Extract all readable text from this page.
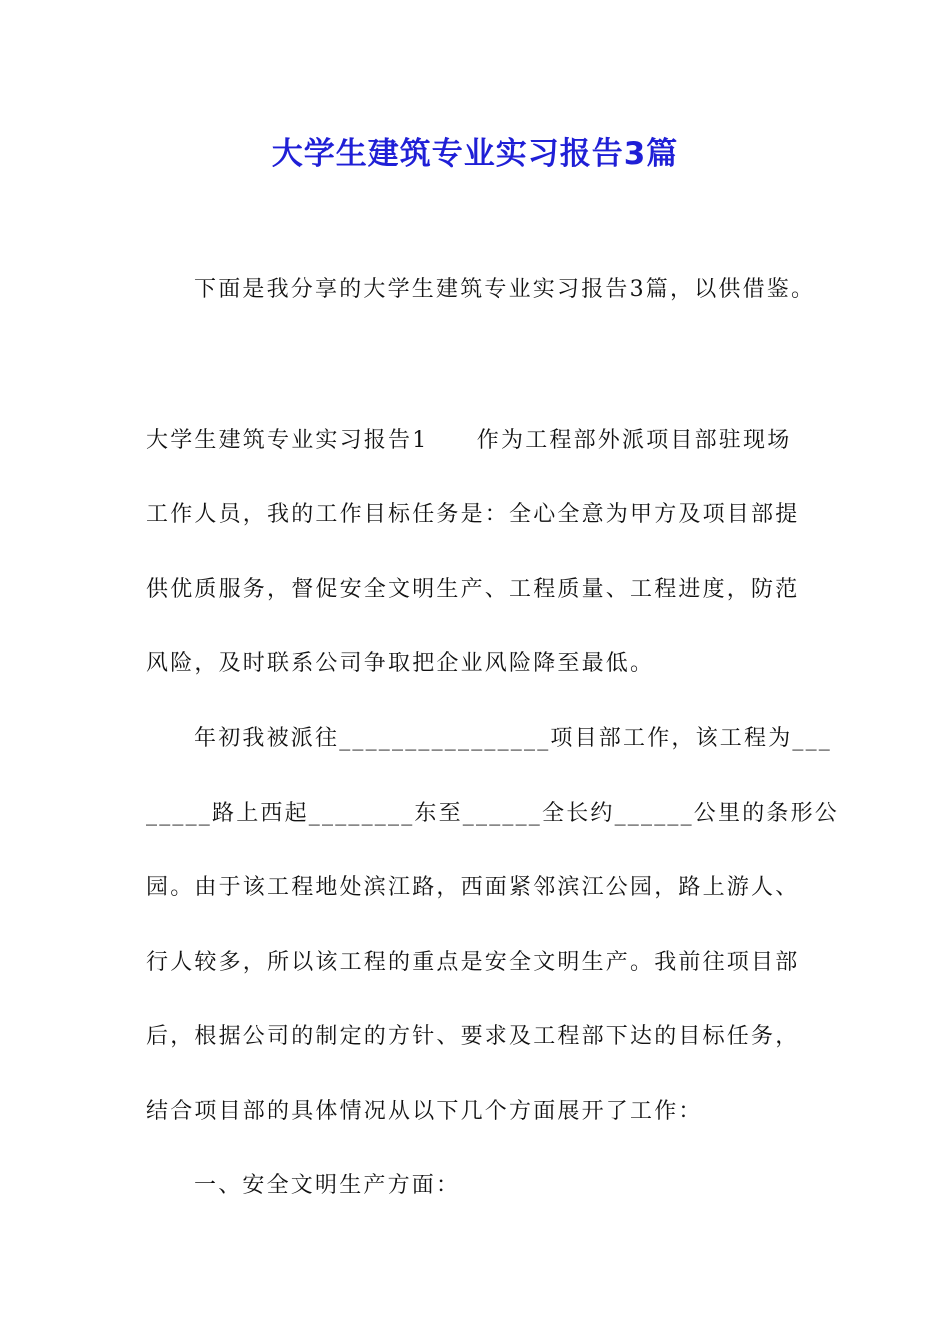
大学生建筑专业实习报告3篇
下面是我分享的大学生建筑专业实习报告3篇，以供借鉴。
大学生建筑专业实习报告1　　作为工程部外派项目部驻现场
工作人员，我的工作目标任务是：全心全意为甲方及项目部提
供优质服务，督促安全文明生产、工程质量、工程进度，防范
风险，及时联系公司争取把企业风险降至最低。
年初我被派往________________项目部工作，该工程为___
_____路上西起________东至______全长约______公里的条形公
园。由于该工程地处滨江路，西面紧邻滨江公园，路上游人、
行人较多，所以该工程的重点是安全文明生产。我前往项目部
后，根据公司的制定的方针、要求及工程部下达的目标任务，
结合项目部的具体情况从以下几个方面展开了工作：
一、安全文明生产方面：
